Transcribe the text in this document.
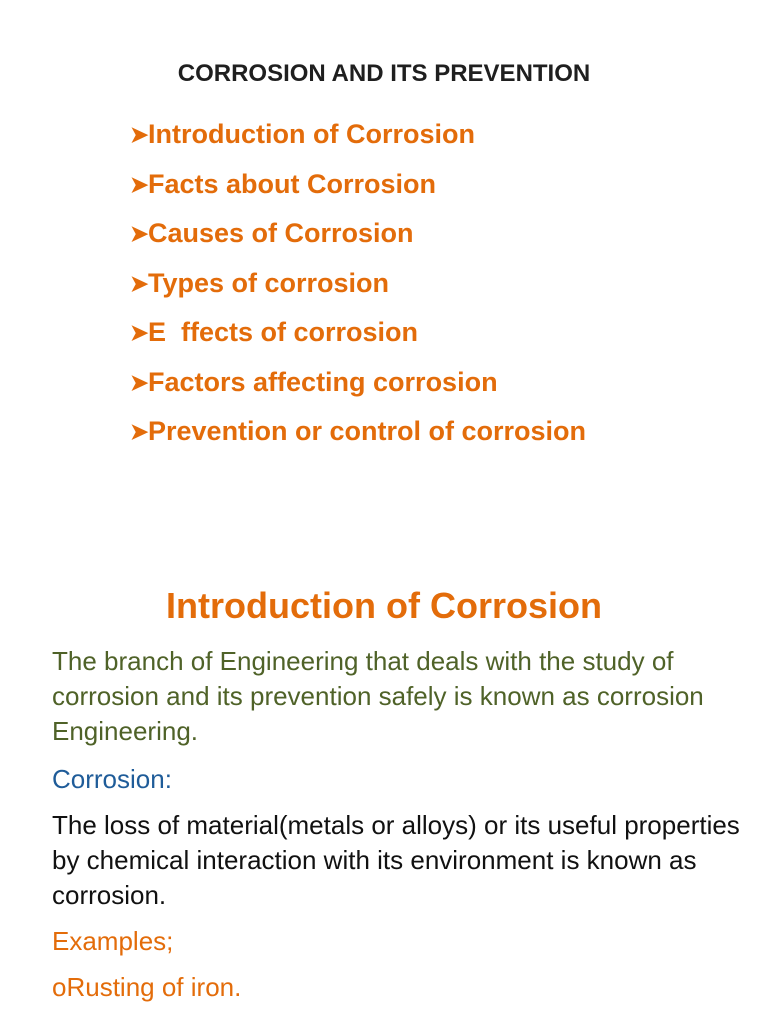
CORROSION AND ITS PREVENTION
➤Introduction of Corrosion
➤Facts about Corrosion
➤Causes of Corrosion
➤Types of corrosion
➤E  ffects of corrosion
➤Factors affecting corrosion
➤Prevention or control of corrosion
Introduction of Corrosion

The branch of Engineering that deals with the study of corrosion and its prevention safely is known as corrosion Engineering.

Corrosion:

The loss of material(metals or alloys) or its useful properties by chemical interaction with its environment is known as corrosion.

Examples;

oRusting of iron.
